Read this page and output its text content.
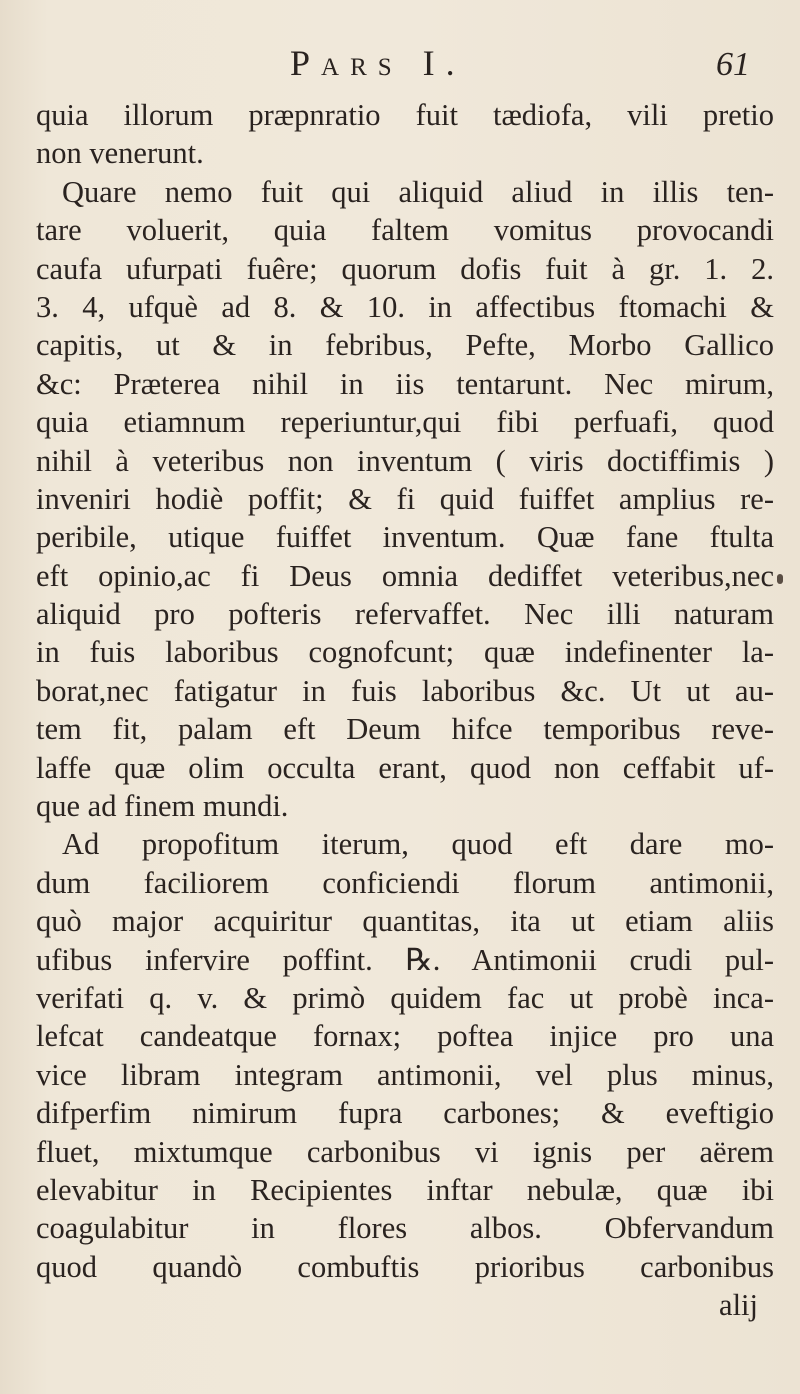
Pars I.	61
quia illorum præpnratio fuit tædiofa, vili pretio
non venerunt.
Quare nemo fuit qui aliquid aliud in illis ten-
tare voluerit, quia faltem vomitus provocandi
caufa ufurpati fuêre; quorum dofis fuit à gr. 1. 2.
3. 4, ufquè ad 8. & 10. in affectibus ftomachi &
capitis, ut & in febribus, Pefte, Morbo Gallico
&c: Præterea nihil in iis tentarunt. Nec mirum,
quia etiamnum reperiuntur,qui fibi perfuafi, quod
nihil à veteribus non inventum ( viris doctiffimis )
inveniri hodiè poffit; & fi quid fuiffet amplius re-
peribile, utique fuiffet inventum. Quæ fane ftulta
eft opinio,ac fi Deus omnia dediffet veteribus,nec
aliquid pro pofteris refervaffet. Nec illi naturam
in fuis laboribus cognofcunt; quæ indefinenter la-
borat,nec fatigatur in fuis laboribus &c. Ut ut au-
tem fit, palam eft Deum hifce temporibus reve-
laffe quæ olim occulta erant, quod non ceffabit uf-
que ad finem mundi.
Ad propofitum iterum, quod eft dare mo-
dum faciliorem conficiendi florum antimonii,
quò major acquiritur quantitas, ita ut etiam aliis
ufibus infervire poffint. ℞. Antimonii crudi pul-
verifati q. v. & primò quidem fac ut probè inca-
lefcat candeatque fornax; poftea injice pro una
vice libram integram antimonii, vel plus minus,
difperfim nimirum fupra carbones; & eveftigio
fluet, mixtumque carbonibus vi ignis per aërem
elevabitur in Recipientes inftar nebulæ, quæ ibi
coagulabitur in flores albos. Obfervandum
quod quandò combuftis prioribus carbonibus
alij
